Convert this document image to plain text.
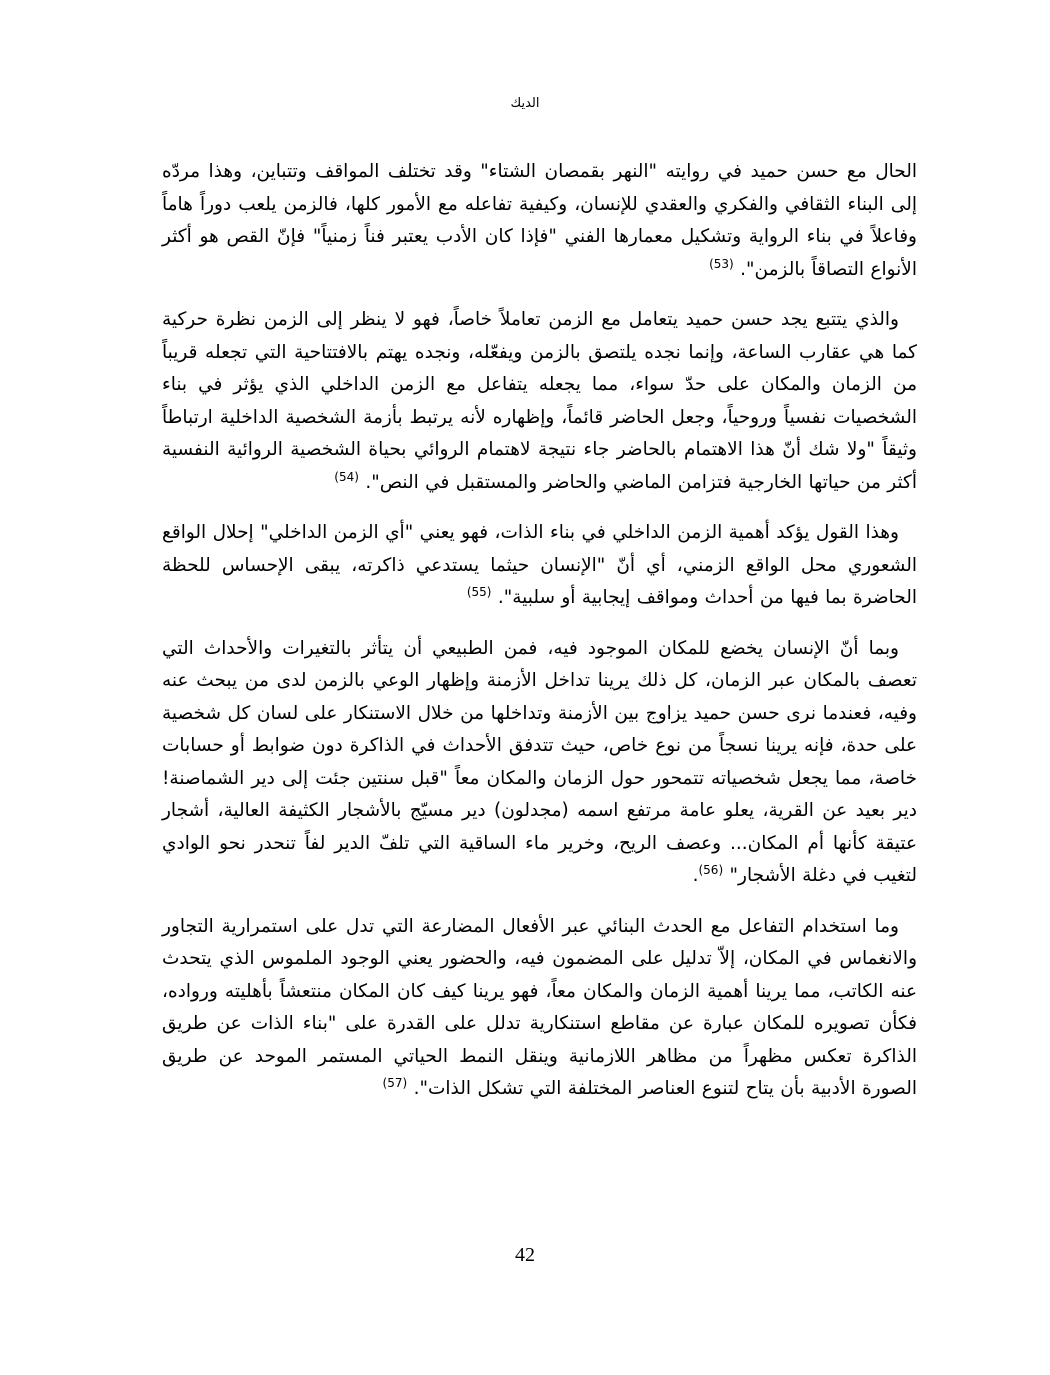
الديك

الحال مع حسن حميد في روايته "النهر بقمصان الشتاء" وقد تختلف المواقف وتتباين، وهذا مردّه إلى البناء الثقافي والفكري والعقدي للإنسان، وكيفية تفاعله مع الأمور كلها، فالزمن يلعب دوراً هاماً وفاعلاً في بناء الرواية وتشكيل معمارها الفني "فإذا كان الأدب يعتبر فناً زمنياً" فإنّ القص هو أكثر الأنواع التصاقاً بالزمن". $^{(53)}$

والذي يتتبع يجد حسن حميد يتعامل مع الزمن تعاملاً خاصاً، فهو لا ينظر إلى الزمن نظرة حركية كما هي عقارب الساعة، وإنما نجده يلتصق بالزمن ويفعّله، ونجده يهتم بالافتتاحية التي تجعله قريباً من الزمان والمكان على حدّ سواء، مما يجعله يتفاعل مع الزمن الداخلي الذي يؤثر في بناء الشخصيات نفسياً وروحياً، وجعل الحاضر قائماً، وإظهاره لأنه يرتبط بأزمة الشخصية الداخلية ارتباطاً وثيقاً "ولا شك أنّ هذا الاهتمام بالحاضر جاء نتيجة لاهتمام الروائي بحياة الشخصية الروائية النفسية أكثر من حياتها الخارجية فتزامن الماضي والحاضر والمستقبل في النص". $^{(54)}$

وهذا القول يؤكد أهمية الزمن الداخلي في بناء الذات، فهو يعني "أي الزمن الداخلي" إحلال الواقع الشعوري محل الواقع الزمني، أي أنّ "الإنسان حيثما يستدعي ذاكرته، يبقى الإحساس للحظة الحاضرة بما فيها من أحداث ومواقف إيجابية أو سلبية". $^{(55)}$

وبما أنّ الإنسان يخضع للمكان الموجود فيه، فمن الطبيعي أن يتأثر بالتغيرات والأحداث التي تعصف بالمكان عبر الزمان، كل ذلك يرينا تداخل الأزمنة وإظهار الوعي بالزمن لدى من يبحث عنه وفيه، فعندما نرى حسن حميد يزاوج بين الأزمنة وتداخلها من خلال الاستنكار على لسان كل شخصية على حدة، فإنه يرينا نسجاً من نوع خاص، حيث تتدفق الأحداث في الذاكرة دون ضوابط أو حسابات خاصة، مما يجعل شخصياته تتمحور حول الزمان والمكان معاً "قبل سنتين جئت إلى دير الشماصنة! دير بعيد عن القرية، يعلو عامة مرتفع اسمه (مجدلون) دير مسيّج بالأشجار الكثيفة العالية، أشجار عتيقة كأنها أم المكان... وعصف الريح، وخرير ماء الساقية التي تلفّ الدير لفاً تنحدر نحو الوادي لتغيب في دغلة الأشجار" $^{(56)}$.

وما استخدام التفاعل مع الحدث البنائي عبر الأفعال المضارعة التي تدل على استمرارية التجاور والانغماس في المكان، إلاّ تدليل على المضمون فيه، والحضور يعني الوجود الملموس الذي يتحدث عنه الكاتب، مما يرينا أهمية الزمان والمكان معاً، فهو يرينا كيف كان المكان منتعشاً بأهليته ورواده، فكأن تصويره للمكان عبارة عن مقاطع استنكارية تدلل على القدرة على "بناء الذات عن طريق الذاكرة تعكس مظهراً من مظاهر اللازمانية وينقل النمط الحياتي المستمر الموحد عن طريق الصورة الأدبية بأن يتاح لتنوع العناصر المختلفة التي تشكل الذات". $^{(57)}$

42
